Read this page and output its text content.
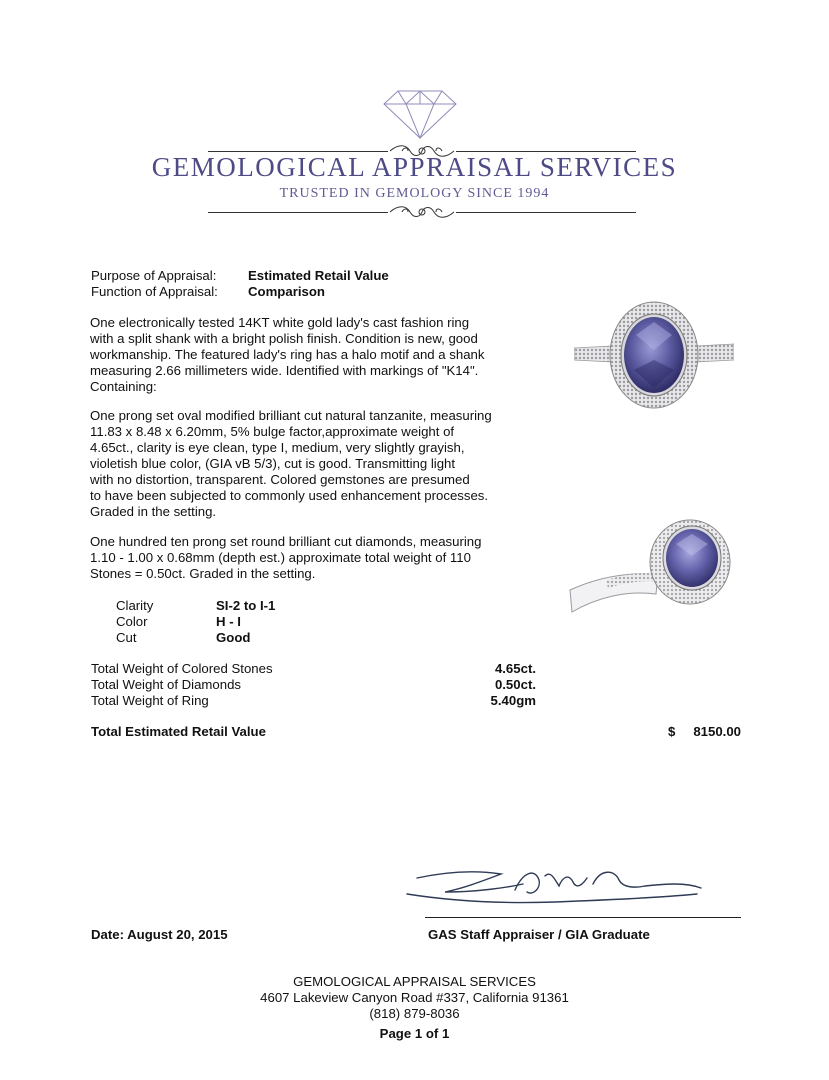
GEMOLOGICAL APPRAISAL SERVICES
TRUSTED IN GEMOLOGY SINCE 1994
Purpose of Appraisal: Estimated Retail Value
Function of Appraisal: Comparison
One electronically tested 14KT white gold lady's cast fashion ring
with a split shank with a bright polish finish. Condition is new, good
workmanship. The featured lady's ring has a halo motif and a shank
measuring 2.66 millimeters wide. Identified with markings of "K14".
Containing:
One prong set oval modified brilliant cut natural tanzanite, measuring
11.83 x 8.48 x 6.20mm, 5% bulge factor,approximate weight of
4.65ct., clarity is eye clean, type I, medium, very slightly grayish,
violetish blue color, (GIA vB 5/3), cut is good. Transmitting light
with no distortion, transparent. Colored gemstones are presumed
to have been subjected to commonly used enhancement processes.
Graded in the setting.
One hundred ten prong set round brilliant cut diamonds, measuring
1.10 - 1.00 x 0.68mm (depth est.) approximate total weight of 110
Stones = 0.50ct. Graded in the setting.
Clarity	SI-2 to I-1
Color	H - I
Cut	Good
Total Weight of Colored Stones	4.65ct.
Total Weight of Diamonds	0.50ct.
Total Weight of Ring	5.40gm
Total Estimated Retail Value	$	8150.00
Date: August 20, 2015	GAS Staff Appraiser / GIA Graduate
GEMOLOGICAL APPRAISAL SERVICES
4607 Lakeview Canyon Road #337, California 91361
(818) 879-8036
Page 1 of 1
